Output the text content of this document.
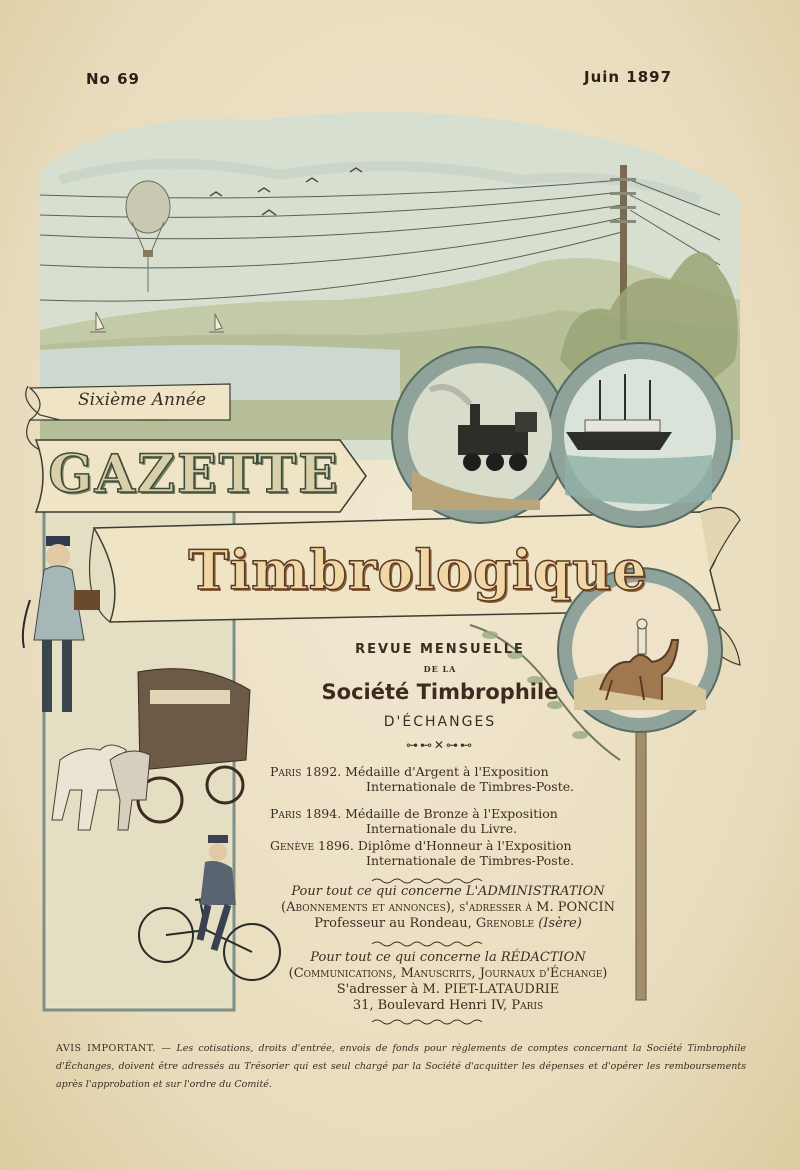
No 69	Juin 1897
Sixième Année
GAZETTE
Timbrologique
REVUE MENSUELLE
DE LA
Société Timbrophile
D'ÉCHANGES
⊶⊷✕⊶⊷
Paris 1892. Médaille d'Argent à l'Exposition
Internationale de Timbres-Poste.
Paris 1894. Médaille de Bronze à l'Exposition
Internationale du Livre.
Genève 1896. Diplôme d'Honneur à l'Exposition
Internationale de Timbres-Poste.
Pour tout ce qui concerne L'ADMINISTRATION
(Abonnements et annonces), s'adresser à M. PONCIN
Professeur au Rondeau, Grenoble (Isère)
Pour tout ce qui concerne la RÉDACTION
(Communications, Manuscrits, Journaux d'Échange)
S'adresser à M. PIET-LATAUDRIE
31, Boulevard Henri IV, Paris
AVIS IMPORTANT. — Les cotisations, droits d'entrée, envois de fonds pour règlements de comptes concernant la Société Timbrophile d'Échanges, doivent être adressés au Trésorier qui est seul chargé par la Société d'acquitter les dépenses et d'opérer les remboursements après l'approbation et sur l'ordre du Comité.
